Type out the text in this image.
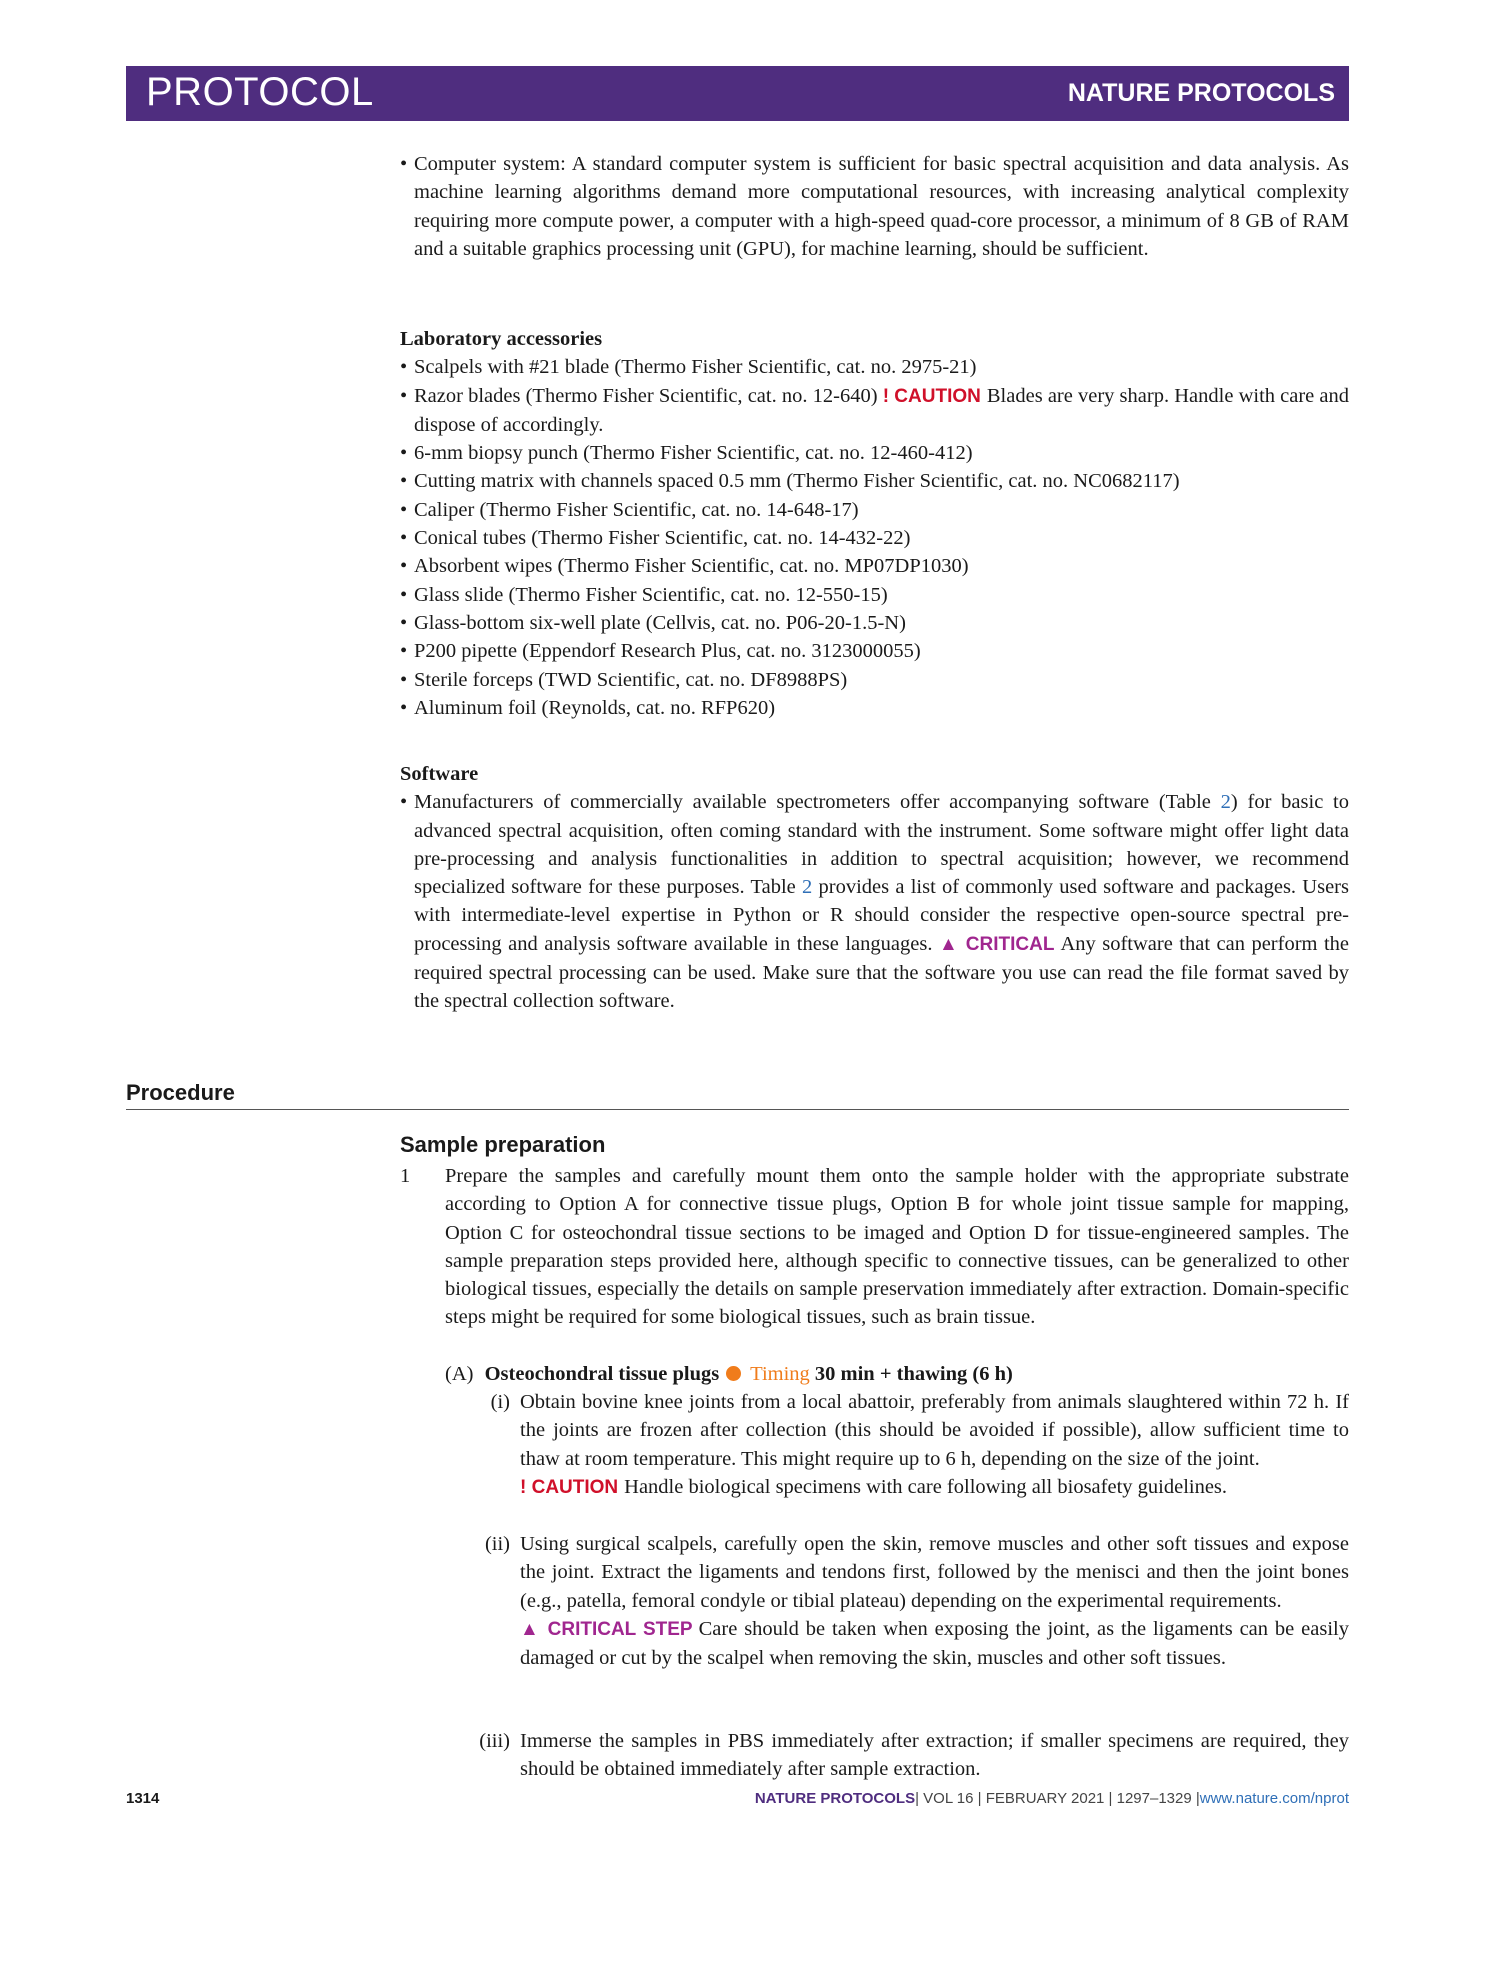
PROTOCOL	NATURE PROTOCOLS
• Computer system: A standard computer system is sufficient for basic spectral acquisition and data analysis. As machine learning algorithms demand more computational resources, with increasing analytical complexity requiring more compute power, a computer with a high-speed quad-core processor, a minimum of 8 GB of RAM and a suitable graphics processing unit (GPU), for machine learning, should be sufficient.
Laboratory accessories
• Scalpels with #21 blade (Thermo Fisher Scientific, cat. no. 2975-21)
• Razor blades (Thermo Fisher Scientific, cat. no. 12-640) ! CAUTION Blades are very sharp. Handle with care and dispose of accordingly.
• 6-mm biopsy punch (Thermo Fisher Scientific, cat. no. 12-460-412)
• Cutting matrix with channels spaced 0.5 mm (Thermo Fisher Scientific, cat. no. NC0682117)
• Caliper (Thermo Fisher Scientific, cat. no. 14-648-17)
• Conical tubes (Thermo Fisher Scientific, cat. no. 14-432-22)
• Absorbent wipes (Thermo Fisher Scientific, cat. no. MP07DP1030)
• Glass slide (Thermo Fisher Scientific, cat. no. 12-550-15)
• Glass-bottom six-well plate (Cellvis, cat. no. P06-20-1.5-N)
• P200 pipette (Eppendorf Research Plus, cat. no. 3123000055)
• Sterile forceps (TWD Scientific, cat. no. DF8988PS)
• Aluminum foil (Reynolds, cat. no. RFP620)
Software
• Manufacturers of commercially available spectrometers offer accompanying software (Table 2) for basic to advanced spectral acquisition, often coming standard with the instrument. Some software might offer light data pre-processing and analysis functionalities in addition to spectral acquisition; however, we recommend specialized software for these purposes. Table 2 provides a list of commonly used software and packages. Users with intermediate-level expertise in Python or R should consider the respective open-source spectral pre-processing and analysis software available in these languages. ▲ CRITICAL Any software that can perform the required spectral processing can be used. Make sure that the software you use can read the file format saved by the spectral collection software.
Procedure
Sample preparation
1 Prepare the samples and carefully mount them onto the sample holder with the appropriate substrate according to Option A for connective tissue plugs, Option B for whole joint tissue sample for mapping, Option C for osteochondral tissue sections to be imaged and Option D for tissue-engineered samples. The sample preparation steps provided here, although specific to connective tissues, can be generalized to other biological tissues, especially the details on sample preservation immediately after extraction. Domain-specific steps might be required for some biological tissues, such as brain tissue.
(A) Osteochondral tissue plugs Timing 30 min + thawing (6 h)
(i) Obtain bovine knee joints from a local abattoir, preferably from animals slaughtered within 72 h. If the joints are frozen after collection (this should be avoided if possible), allow sufficient time to thaw at room temperature. This might require up to 6 h, depending on the size of the joint.
! CAUTION Handle biological specimens with care following all biosafety guidelines.
(ii) Using surgical scalpels, carefully open the skin, remove muscles and other soft tissues and expose the joint. Extract the ligaments and tendons first, followed by the menisci and then the joint bones (e.g., patella, femoral condyle or tibial plateau) depending on the experimental requirements.
▲ CRITICAL STEP Care should be taken when exposing the joint, as the ligaments can be easily damaged or cut by the scalpel when removing the skin, muscles and other soft tissues.
(iii) Immerse the samples in PBS immediately after extraction; if smaller specimens are required, they should be obtained immediately after sample extraction.
1314	NATURE PROTOCOLS| VOL 16 | FEBRUARY 2021 | 1297–1329 |www.nature.com/nprot
